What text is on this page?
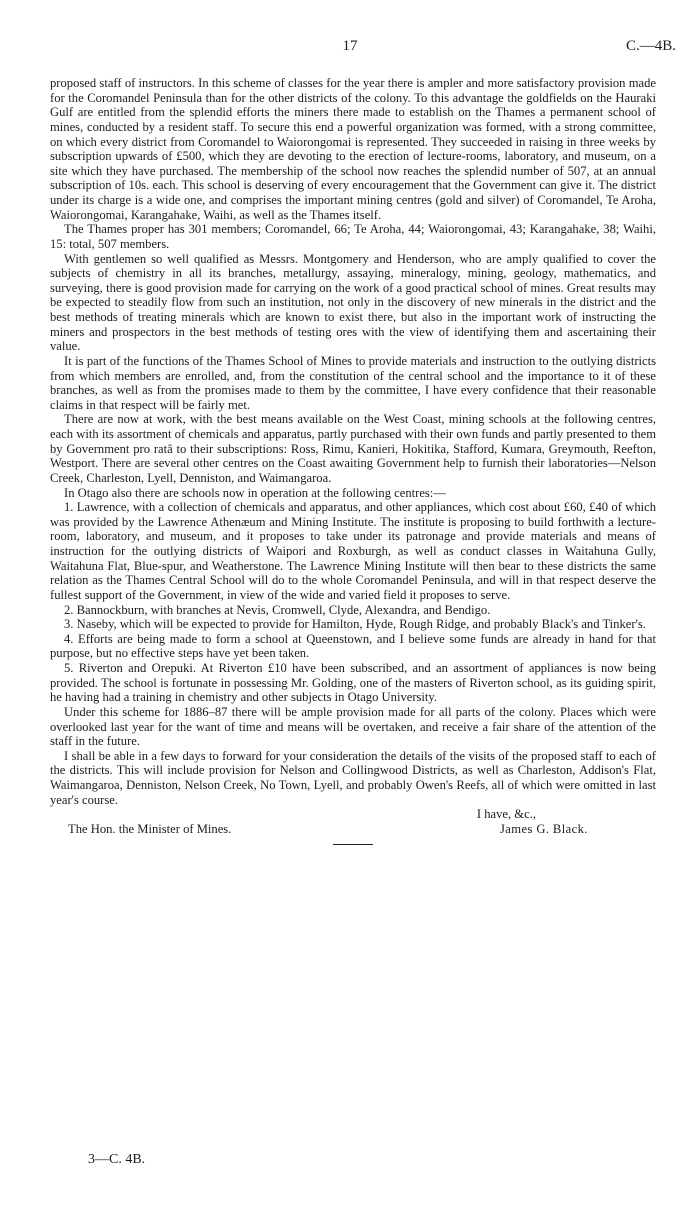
17	C.—4B.

proposed staff of instructors. In this scheme of classes for the year there is ampler and more satisfactory provision made for the Coromandel Peninsula than for the other districts of the colony. To this advantage the goldfields on the Hauraki Gulf are entitled from the splendid efforts the miners there made to establish on the Thames a permanent school of mines, conducted by a resident staff. To secure this end a powerful organization was formed, with a strong committee, on which every district from Coromandel to Waiorongomai is represented. They succeeded in raising in three weeks by subscription upwards of £500, which they are devoting to the erection of lecture-rooms, laboratory, and museum, on a site which they have purchased. The membership of the school now reaches the splendid number of 507, at an annual subscription of 10s. each. This school is deserving of every encouragement that the Government can give it. The district under its charge is a wide one, and comprises the important mining centres (gold and silver) of Coromandel, Te Aroha, Waiorongomai, Karangahake, Waihi, as well as the Thames itself.

The Thames proper has 301 members; Coromandel, 66; Te Aroha, 44; Waiorongomai, 43; Karangahake, 38; Waihi, 15: total, 507 members.

With gentlemen so well qualified as Messrs. Montgomery and Henderson, who are amply qualified to cover the subjects of chemistry in all its branches, metallurgy, assaying, mineralogy, mining, geology, mathematics, and surveying, there is good provision made for carrying on the work of a good practical school of mines. Great results may be expected to steadily flow from such an institution, not only in the discovery of new minerals in the district and the best methods of treating minerals which are known to exist there, but also in the important work of instructing the miners and prospectors in the best methods of testing ores with the view of identifying them and ascertaining their value.

It is part of the functions of the Thames School of Mines to provide materials and instruction to the outlying districts from which members are enrolled, and, from the constitution of the central school and the importance to it of these branches, as well as from the promises made to them by the committee, I have every confidence that their reasonable claims in that respect will be fairly met.

There are now at work, with the best means available on the West Coast, mining schools at the following centres, each with its assortment of chemicals and apparatus, partly purchased with their own funds and partly presented to them by Government pro ratâ to their subscriptions: Ross, Rimu, Kanieri, Hokitika, Stafford, Kumara, Greymouth, Reefton, Westport. There are several other centres on the Coast awaiting Government help to furnish their laboratories—Nelson Creek, Charleston, Lyell, Denniston, and Waimangaroa.

In Otago also there are schools now in operation at the following centres:—

1. Lawrence, with a collection of chemicals and apparatus, and other appliances, which cost about £60, £40 of which was provided by the Lawrence Athenæum and Mining Institute. The institute is proposing to build forthwith a lecture-room, laboratory, and museum, and it proposes to take under its patronage and provide materials and means of instruction for the outlying districts of Waipori and Roxburgh, as well as conduct classes in Waitahuna Gully, Waitahuna Flat, Blue-spur, and Weatherstone. The Lawrence Mining Institute will then bear to these districts the same relation as the Thames Central School will do to the whole Coromandel Peninsula, and will in that respect deserve the fullest support of the Government, in view of the wide and varied field it proposes to serve.

2. Bannockburn, with branches at Nevis, Cromwell, Clyde, Alexandra, and Bendigo.

3. Naseby, which will be expected to provide for Hamilton, Hyde, Rough Ridge, and probably Black's and Tinker's.

4. Efforts are being made to form a school at Queenstown, and I believe some funds are already in hand for that purpose, but no effective steps have yet been taken.

5. Riverton and Orepuki. At Riverton £10 have been subscribed, and an assortment of appliances is now being provided. The school is fortunate in possessing Mr. Golding, one of the masters of Riverton school, as its guiding spirit, he having had a training in chemistry and other subjects in Otago University.

Under this scheme for 1886–87 there will be ample provision made for all parts of the colony. Places which were overlooked last year for the want of time and means will be overtaken, and receive a fair share of the attention of the staff in the future.

I shall be able in a few days to forward for your consideration the details of the visits of the proposed staff to each of the districts. This will include provision for Nelson and Collingwood Districts, as well as Charleston, Addison's Flat, Waimangaroa, Denniston, Nelson Creek, No Town, Lyell, and probably Owen's Reefs, all of which were omitted in last year's course.

I have, &c.,
The Hon. the Minister of Mines.	James G. Black.
3—C. 4B.
